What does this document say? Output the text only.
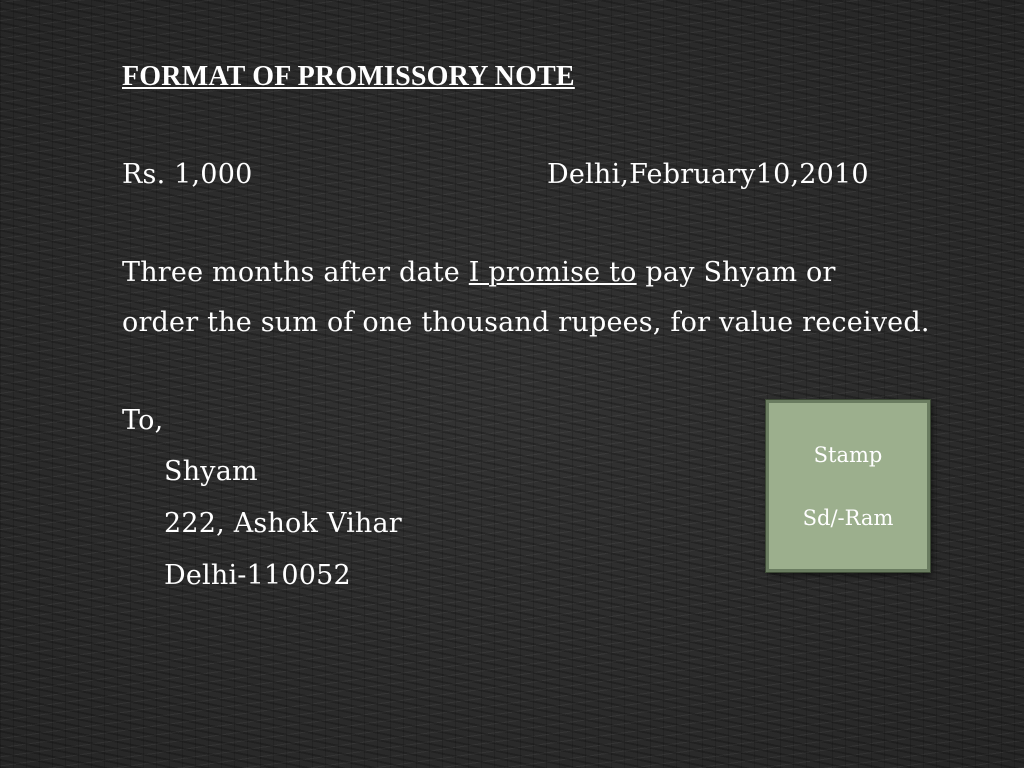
FORMAT OF PROMISSORY NOTE
Rs. 1,000	Delhi,February10,2010
Three months after date I promise to pay Shyam or
order the sum of one thousand rupees, for value received.
To,
Shyam
222, Ashok Vihar
Delhi-110052
Stamp
Sd/-Ram
